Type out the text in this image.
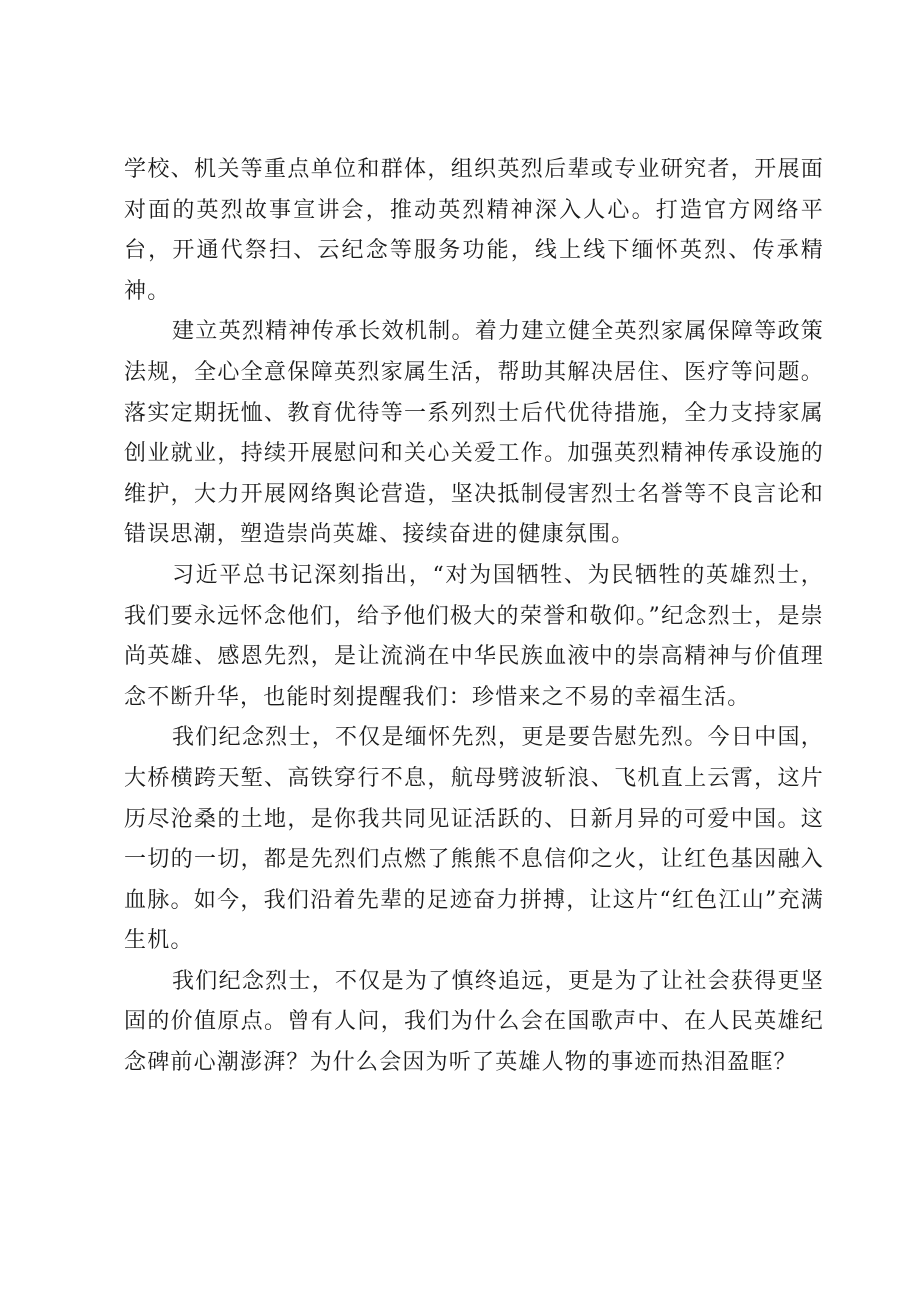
学校、机关等重点单位和群体，组织英烈后辈或专业研究者，开展面对面的英烈故事宣讲会，推动英烈精神深入人心。打造官方网络平台，开通代祭扫、云纪念等服务功能，线上线下缅怀英烈、传承精神。

建立英烈精神传承长效机制。着力建立健全英烈家属保障等政策法规，全心全意保障英烈家属生活，帮助其解决居住、医疗等问题。落实定期抚恤、教育优待等一系列烈士后代优待措施，全力支持家属创业就业，持续开展慰问和关心关爱工作。加强英烈精神传承设施的维护，大力开展网络舆论营造，坚决抵制侵害烈士名誉等不良言论和错误思潮，塑造崇尚英雄、接续奋进的健康氛围。

习近平总书记深刻指出，“对为国牺牲、为民牺牲的英雄烈士，我们要永远怀念他们，给予他们极大的荣誉和敬仰。”纪念烈士，是崇尚英雄、感恩先烈，是让流淌在中华民族血液中的崇高精神与价值理念不断升华，也能时刻提醒我们：珍惜来之不易的幸福生活。

我们纪念烈士，不仅是缅怀先烈，更是要告慰先烈。今日中国，大桥横跨天堑、高铁穿行不息，航母劈波斩浪、飞机直上云霄，这片历尽沧桑的土地，是你我共同见证活跃的、日新月异的可爱中国。这一切的一切，都是先烈们点燃了熊熊不息信仰之火，让红色基因融入血脉。如今，我们沿着先辈的足迹奋力拼搏，让这片“红色江山”充满生机。

我们纪念烈士，不仅是为了慎终追远，更是为了让社会获得更坚固的价值原点。曾有人问，我们为什么会在国歌声中、在人民英雄纪念碑前心潮澎湃？为什么会因为听了英雄人物的事迹而热泪盈眶？
